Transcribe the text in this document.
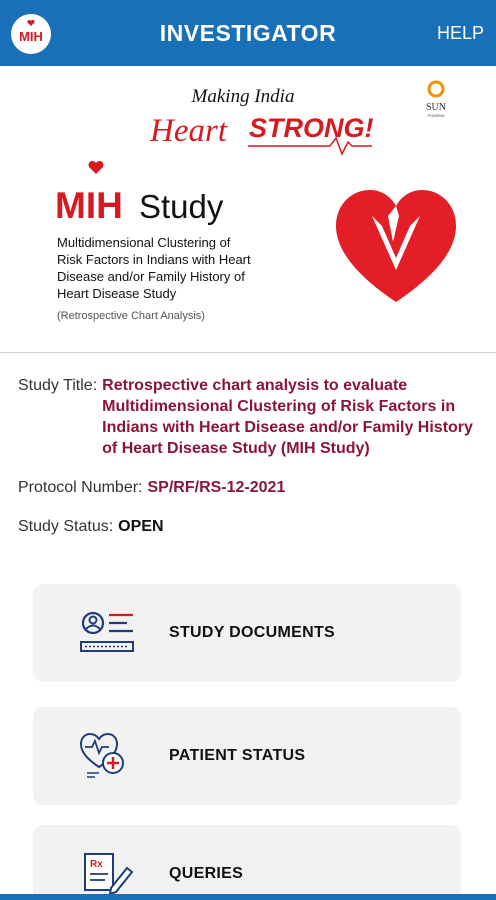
MIH	INVESTIGATOR	HELP
Making India
Heart STRONG!
SUN
PHARMA
MIH Study
Multidimensional Clustering of
Risk Factors in Indians with Heart
Disease and/or Family History of
Heart Disease Study
(Retrospective Chart Analysis)
Study Title: Retrospective chart analysis to evaluate Multidimensional Clustering of Risk Factors in Indians with Heart Disease and/or Family History of Heart Disease Study (MIH Study)
Protocol Number: SP/RF/RS-12-2021
Study Status: OPEN
STUDY DOCUMENTS
PATIENT STATUS
Rx
QUERIES
